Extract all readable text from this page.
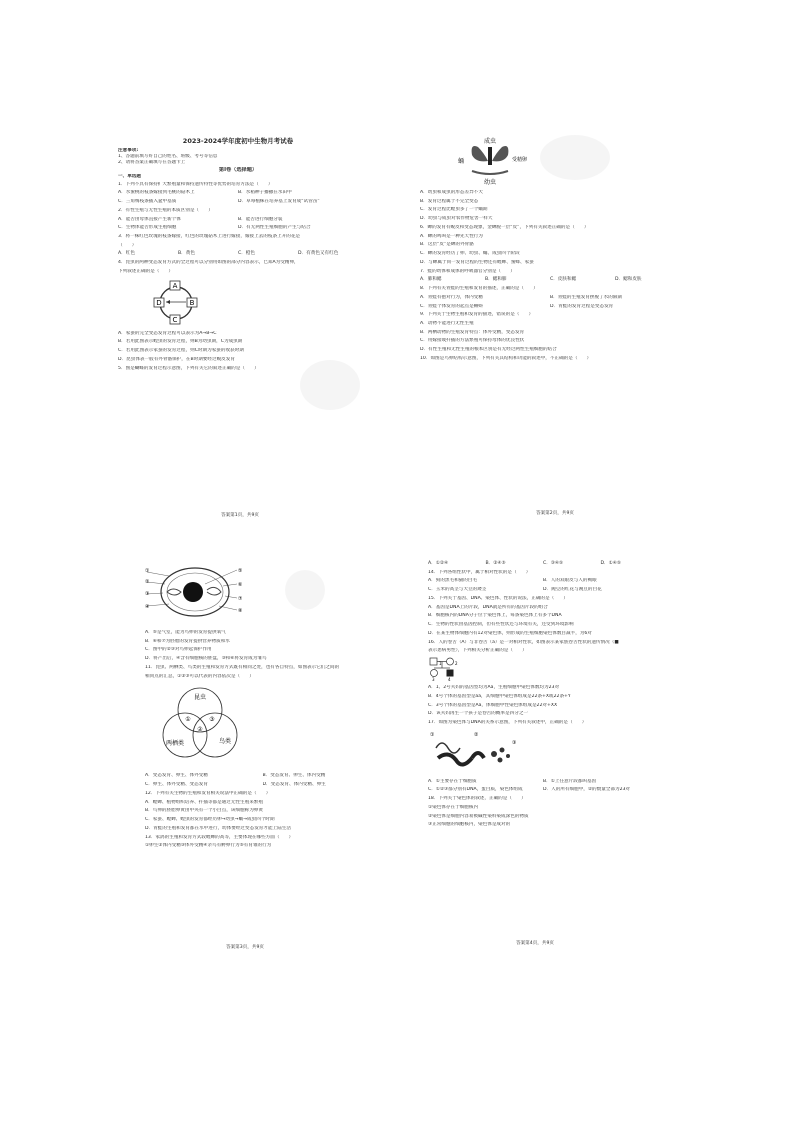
2023-2024学年度初中生物月考试卷

注意事项:

1、答题前填写好自己的姓名、班级、考号等信息

2、请将答案正确填写在答题卡上

第Ⅰ卷（选择题）

一、单选题

1．下列不具有保持扩大繁殖量和保持遗传特性等优势的培育方法是（　　）

A．水蜜桃的枝条嫁接到毛桃的砧木上	B．水稻种子播撒在水田中
C．三角梅枝条插入盆中基质	D．草莓植株在培养基上发育成“试管苗”

2．有性生殖与无性生殖的本质区别是（　　）

A．能否由母体直接产生新个体	B．能否进行细胞分裂
C．生物体能否形成生殖细胞	D．有无两性生殖细胞的产生与结合

3．将一株红色玫瑰的枝条嫁接，红色的玫瑰砧木上进行嫁接，嫁接上去的枝条上开的花是

（　　）

A．红色	B．黄色	C．橙色	D．有黄色又有红色

4．昆虫的两种变态发育方式的全过程可以分别用如图的部分内容表示，已知A为受精卵，

下列叙述正确的是（　　）

A
B
C
D

A．家蚕的完全变态发育过程可以表示为A→B→C

B．若用此图表示蝗虫的发育过程，则B为幼虫期，C为成虫期

C．若用此图表示家蚕的发育过程，则C时期为家蚕的收获时期

D．昆虫体表一般有外骨骼保护，在B时期要经过蜕皮发育

5．图是蝴蝶的发育过程示意图，下列有关它的叙述正确的是（　　）

答案第1页，共9页
成虫
蛹	受精卵
幼虫

A．幼虫和成虫的形态差异不大

B．发育过程属于不完全变态

C．发育过程比蝗虫多了一个蛹期

D．幼虫与成虫对农作物危害一样大

6．蝉的发育有蜕皮和变态现象，金蝉脱一层“皮”，下列有关叙述正确的是（　　）

A．蝉的鸣叫是一种先天性行为

B．这层“皮”是蝉的外骨骼

C．蝉的发育经历了卵、幼虫、蛹、成虫四个阶段

D．与蝉属于同一发育过程的生物还有蝗蟀、蜜蜂、家蚕

7．蛙的幼体和成体的呼吸器官分别是（　　）

A．肺和鳃	B．鳃和肺	C．皮肤和鳃	D．鳃和皮肤

8．下列有关青蛙的生殖和发育的描述，正确的是（　　）

A．青蛙有抱对行为，体内受精	B．青蛙的生殖发育摆脱了水的限制
C．青蛙个体发育的起点是蝌蚪	D．青蛙的发育过程是变态发育

9．下列关于生物生殖和发育的描述，错误的是（　　）

A．动物不能进行无性生殖

B．两栖动物的生殖发育特点：体外受精，变态发育

C．用嫁接或扦插的方法繁殖可保持母体的优良性状

D．有性生殖和无性生殖的根本区别是有无经过两性生殖细胞的结合

10．如图是鸟卵结构示意图，下列有关其结构和功能的叙述中，不正确的是（　　）

答案第2页，共9页
①
②
③
④
⑤
⑥
⑦
⑧

A．⑤是气室，能为鸟卵的发育提供氧气

B．⑥和⑦为胚胎的发育提供营养物质和水

C．图中的②③对鸟卵起保护作用

D．将产出后，④含有细胞核的胚盘，③和⑥将发育成为雏鸟

11．昆虫、两栖类、鸟类的生殖和发育方式既有相同之处，也有各自特点，如图表示它们之间的

相同点的汇总，①②③可以代表的内容依次是（　　）

昆虫
两栖类	鸟类
①
②
③
A．变态发育、卵生、体外受精	B．变态发育、卵生、体内受精
C．卵生、体外受精、变态发育	D．变态发育、体内受精、卵生

12．下列有关生物的生殖和发育相关说法中正确的是（　　）

A．蝗蝉、植物组织培养、扦插等都是通过无性生殖来繁殖

B．鸟卵的胚胎卵黄由中央有一个小白点，该细胞称为卵黄

C．家蚕、蝗蝉、蝗虫的发育都经历卵→幼虫→蛹→成虫四个时期

D．青蛙的生殖和发育都在水中进行，幼体要经过变态发育才能上陆生活

13．家鸽的生殖和发育方式较蝗蟀的高等，主要体现在哪些方面（　　）

①卵生②体内受精③体外受精④亲鸟有孵卵行为⑤有育雏的行为

答案第3页，共9页
A．①②④	B．②④⑤	C．③④⑤	D．①④⑤

14．下列各组性状中，属于相对性状的是（　　）

A．狗的黑毛和猫的白毛	B．人的双眼皮与人的褐眼
C．玉米的高茎与大豆的矮茎	D．豌豆的红花与豌豆的白花

15．下列关于基因、DNA、染色体、性状的说法，正确的是（　　）

A．基因是DNA上的片段，DNA就是所有的基因片段的组合

B．细胞核内的DNA分子位于染色体上，每条染色体上有多个DNA

C．生物的性状由基因控制，但有些性状还与环境有关，还受到环境影响

D．在某生物体细胞内有12对染色体，则形成的生殖细胞染色体数目减半，为6对

16．人的卷舌（A）与非卷舌（a）是一对相对性状，如图表示某家族卷舌性状的遗传情况（■

表示患病男性），下列相关分析正确的是（　　）

1	2
3	4

A．1、2号夫妇的基因型均为Aa，生殖细胞中染色体数均为23对

B．4号个体的基因型是aa，其细胞中染色体组成是22条+X或22条+Y

C．3号个体的基因型是Aa，体细胞中性染色体组成是22对+XX

D．该夫妇再生一个孩子是卷舌的概率是四分之一

17．如图为染色体与DNA的关系示意图，下列有关叙述中，正确的是（　　）

①	②
③
A．①主要存在于细胞质	B．①上任意片段都叫基因
C．①②③都分别有DNA，蛋白质，染色体组成	D．人的所有细胞中，②的数量全部为23对

18．下列关于染色体的叙述，正确的是（　　）

①染色体存在于细胞核内

②染色体是细胞内容易被碱性染料染成深色的物质

③正常细胞的细胞核内，染色体是成对的

答案第4页，共9页
